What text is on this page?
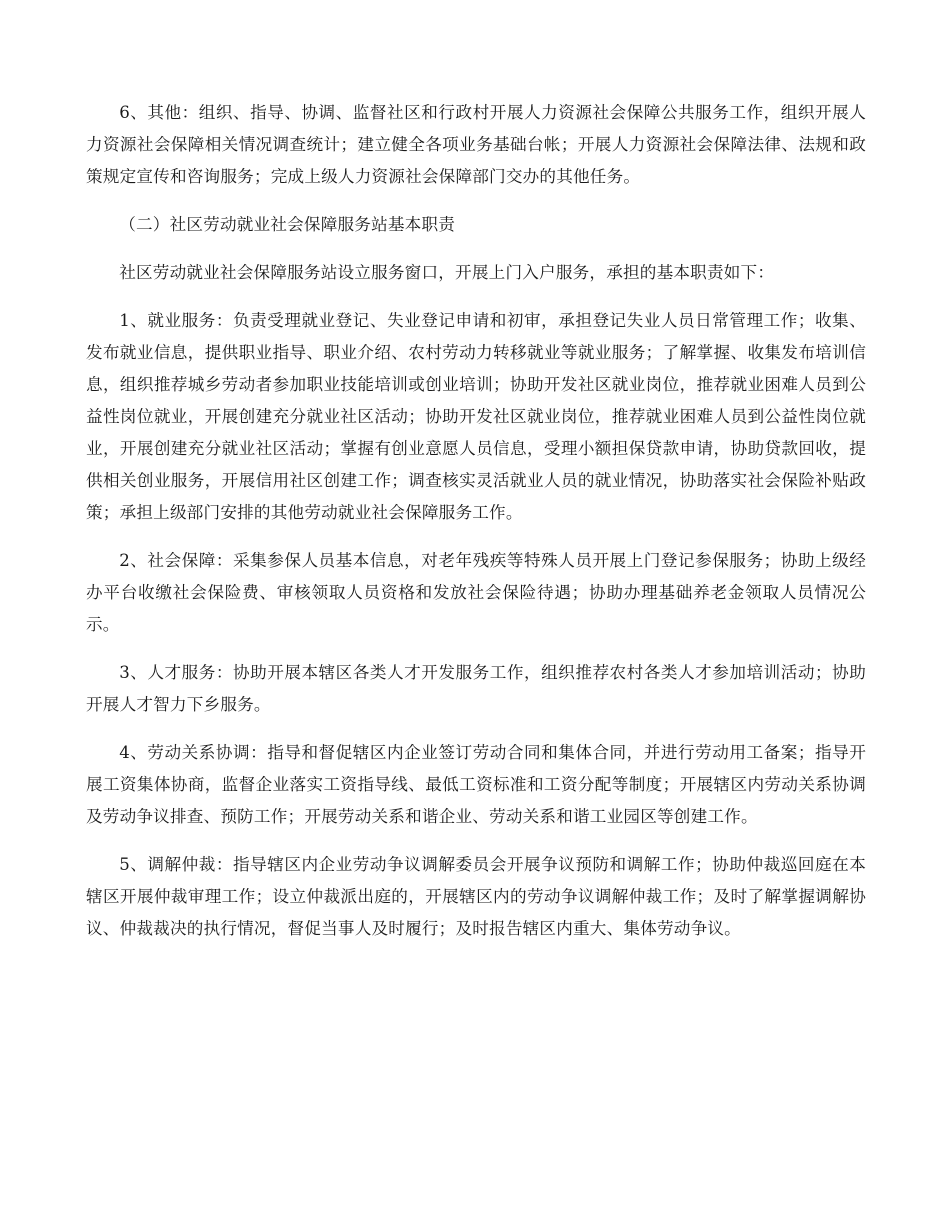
6、其他：组织、指导、协调、监督社区和行政村开展人力资源社会保障公共服务工作，组织开展人力资源社会保障相关情况调查统计；建立健全各项业务基础台帐；开展人力资源社会保障法律、法规和政策规定宣传和咨询服务；完成上级人力资源社会保障部门交办的其他任务。

（二）社区劳动就业社会保障服务站基本职责

社区劳动就业社会保障服务站设立服务窗口，开展上门入户服务，承担的基本职责如下：

1、就业服务：负责受理就业登记、失业登记申请和初审，承担登记失业人员日常管理工作；收集、发布就业信息，提供职业指导、职业介绍、农村劳动力转移就业等就业服务；了解掌握、收集发布培训信息，组织推荐城乡劳动者参加职业技能培训或创业培训；协助开发社区就业岗位，推荐就业困难人员到公益性岗位就业，开展创建充分就业社区活动；协助开发社区就业岗位，推荐就业困难人员到公益性岗位就业，开展创建充分就业社区活动；掌握有创业意愿人员信息，受理小额担保贷款申请，协助贷款回收，提供相关创业服务，开展信用社区创建工作；调查核实灵活就业人员的就业情况，协助落实社会保险补贴政策；承担上级部门安排的其他劳动就业社会保障服务工作。

2、社会保障：采集参保人员基本信息，对老年残疾等特殊人员开展上门登记参保服务；协助上级经办平台收缴社会保险费、审核领取人员资格和发放社会保险待遇；协助办理基础养老金领取人员情况公示。

3、人才服务：协助开展本辖区各类人才开发服务工作，组织推荐农村各类人才参加培训活动；协助开展人才智力下乡服务。

4、劳动关系协调：指导和督促辖区内企业签订劳动合同和集体合同，并进行劳动用工备案；指导开展工资集体协商，监督企业落实工资指导线、最低工资标准和工资分配等制度；开展辖区内劳动关系协调及劳动争议排查、预防工作；开展劳动关系和谐企业、劳动关系和谐工业园区等创建工作。

5、调解仲裁：指导辖区内企业劳动争议调解委员会开展争议预防和调解工作；协助仲裁巡回庭在本辖区开展仲裁审理工作；设立仲裁派出庭的，开展辖区内的劳动争议调解仲裁工作；及时了解掌握调解协议、仲裁裁决的执行情况，督促当事人及时履行；及时报告辖区内重大、集体劳动争议。
